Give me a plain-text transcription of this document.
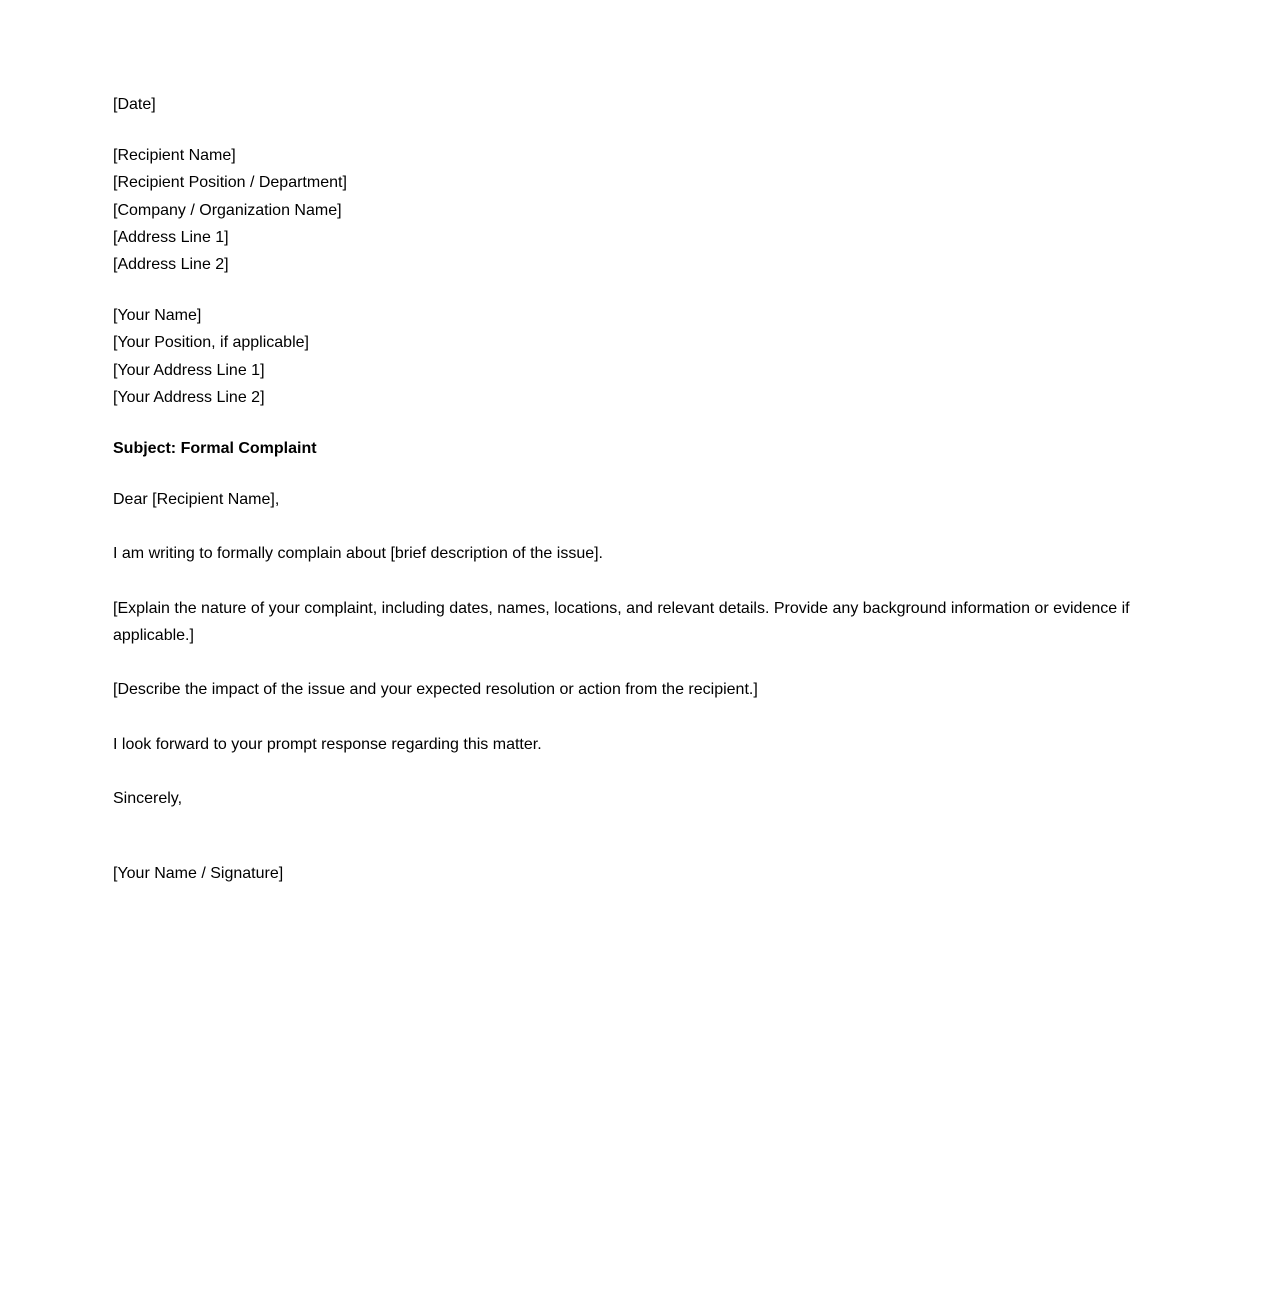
[Date]
[Recipient Name]
[Recipient Position / Department]
[Company / Organization Name]
[Address Line 1]
[Address Line 2]
[Your Name]
[Your Position, if applicable]
[Your Address Line 1]
[Your Address Line 2]
Subject: Formal Complaint
Dear [Recipient Name],
I am writing to formally complain about [brief description of the issue].
[Explain the nature of your complaint, including dates, names, locations, and relevant details. Provide any background information or evidence if applicable.]
[Describe the impact of the issue and your expected resolution or action from the recipient.]
I look forward to your prompt response regarding this matter.
Sincerely,
[Your Name / Signature]
